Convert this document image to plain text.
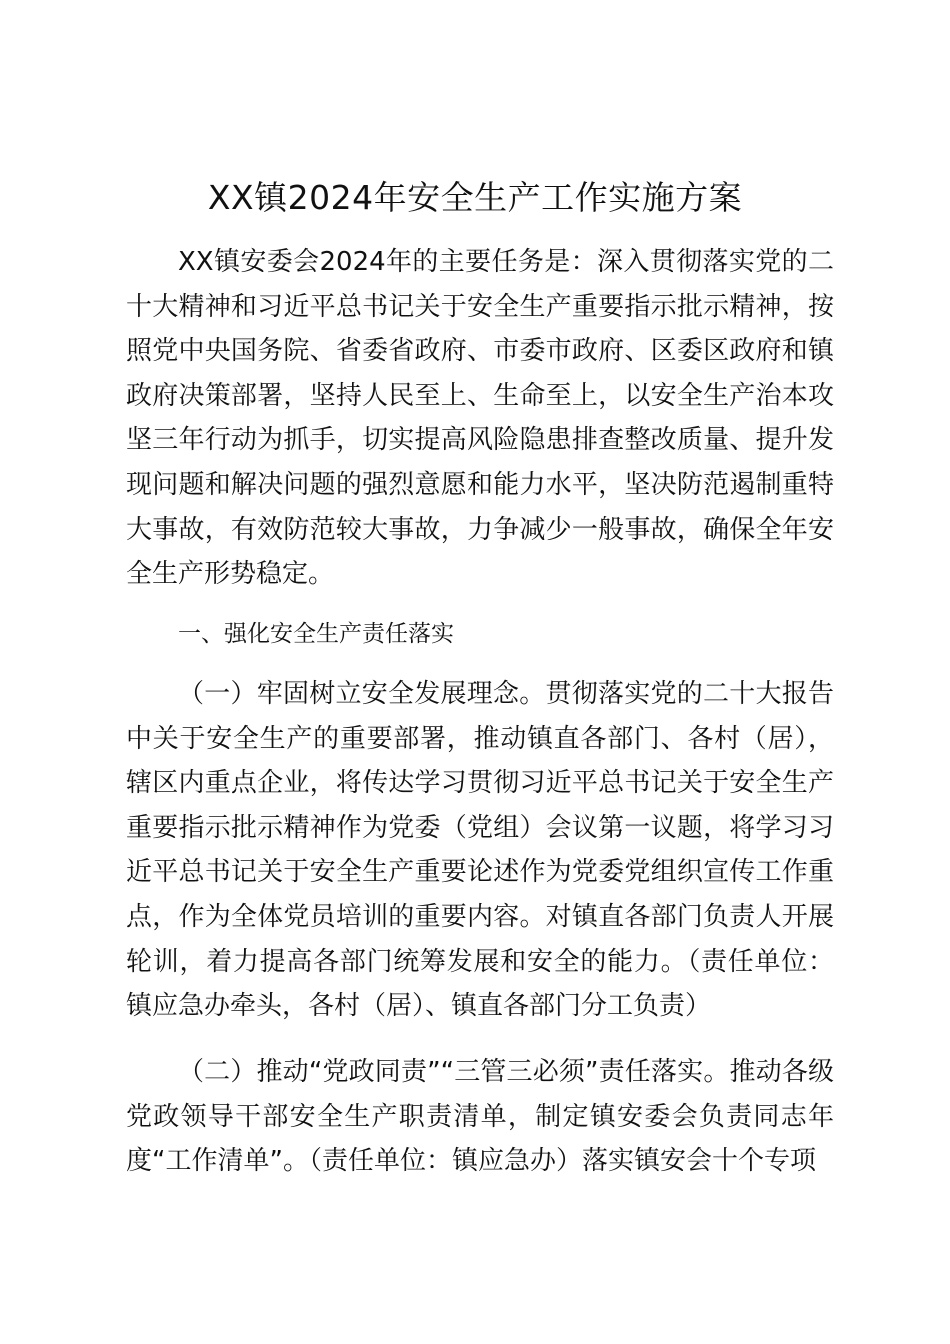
XX镇2024年安全生产工作实施方案

XX镇安委会2024年的主要任务是：深入贯彻落实党的二十大精神和习近平总书记关于安全生产重要指示批示精神，按照党中央国务院、省委省政府、市委市政府、区委区政府和镇政府决策部署，坚持人民至上、生命至上，以安全生产治本攻坚三年行动为抓手，切实提高风险隐患排查整改质量、提升发现问题和解决问题的强烈意愿和能力水平，坚决防范遏制重特大事故，有效防范较大事故，力争减少一般事故，确保全年安全生产形势稳定。

一、强化安全生产责任落实

（一）牢固树立安全发展理念。贯彻落实党的二十大报告中关于安全生产的重要部署，推动镇直各部门、各村（居），辖区内重点企业，将传达学习贯彻习近平总书记关于安全生产重要指示批示精神作为党委（党组）会议第一议题，将学习习近平总书记关于安全生产重要论述作为党委党组织宣传工作重点，作为全体党员培训的重要内容。对镇直各部门负责人开展轮训，着力提高各部门统筹发展和安全的能力。（责任单位：镇应急办牵头，各村（居）、镇直各部门分工负责）

（二）推动“党政同责”“三管三必须”责任落实。推动各级党政领导干部安全生产职责清单，制定镇安委会负责同志年度“工作清单”。（责任单位：镇应急办）落实镇安会十个专项
